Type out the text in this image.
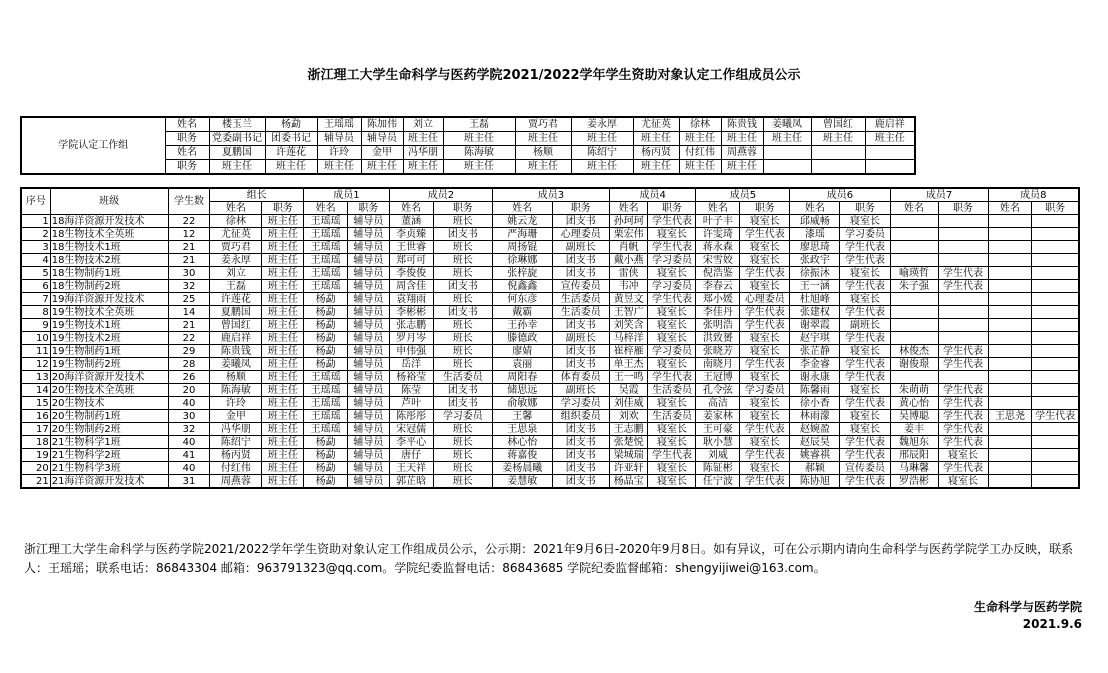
浙江理工大学生命科学与医药学院2021/2022学年学生资助对象认定工作组成员公示
学院认定工作组	姓名	楼玉兰	杨勐	王瑶瑶	陈加伟	刘立	王磊	贾巧君	姜永厚	尤征英	徐林	陈贵钱	姜曦凤	曾国红	鹿启祥
	职务	党委副书记	团委书记	辅导员	辅导员	班主任	班主任	班主任	班主任	班主任	班主任	班主任	班主任	班主任	班主任
	姓名	夏鹏国	许莲花	许玲	金甲	冯华朋	陈海敏	杨顺	陈绍宁	杨丙贤	付红伟	周燕蓉			
	职务	班主任	班主任	班主任	班主任	班主任	班主任	班主任	班主任	班主任	班主任	班主任			
序号	班级	学生数	组长		成员1		成员2		成员3		成员4		成员5		成员6		成员7		成员8	
			姓名	职务	姓名	职务	姓名	职务	姓名	职务	姓名	职务	姓名	职务	姓名	职务	姓名	职务	姓名	职务
1	18海洋资源开发技术	22	徐林	班主任	王瑶瑶	辅导员	董涵	班长	姚云龙	团支书	孙珂珂	学生代表	叶子丰	寝室长	邱威畅	寝室长				
2	18生物技术全英班	12	尤征英	班主任	王瑶瑶	辅导员	李贞臻	团支书	严海珊	心理委员	栗宏伟	寝室长	许雯琦	学生代表	漆瑶	学习委员				
3	18生物技术1班	21	贾巧君	班主任	王瑶瑶	辅导员	王世睿	班长	周扬锟	副班长	肖帆	学生代表	蒋永森	寝室长	廖思琦	学生代表				
4	18生物技术2班	21	姜永厚	班主任	王瑶瑶	辅导员	郑可可	班长	徐琳娜	团支书	戴小燕	学习委员	宋雪姣	寝室长	张政宇	学生代表				
5	18生物制药1班	30	刘立	班主任	王瑶瑶	辅导员	李俊俊	班长	张梓旋	团支书	雷侠	寝室长	倪浩鉴	学生代表	徐振沐	寝室长	喻瑛哲	学生代表		
6	18生物制药2班	32	王磊	班主任	王瑶瑶	辅导员	周含佳	团支书	倪鑫鑫	宣传委员	韦冲	学习委员	李春云	寝室长	王一涵	学生代表	朱子强	学生代表		
7	19海洋资源开发技术	25	许莲花	班主任	杨勐	辅导员	袁翔雨	班长	何东彦	生活委员	黄昱文	学生代表	郑小媛	心理委员	杜旭峰	寝室长				
8	19生物技术全英班	14	夏鹏国	班主任	杨勐	辅导员	李彬彬	团支书	戴霸	生活委员	王智广	寝室长	李佳丹	学生代表	张建权	学生代表				
9	19生物技术1班	21	曾国红	班主任	杨勐	辅导员	张志鹏	班长	王孙幸	团支书	刘笑含	寝室长	张明浩	学生代表	谢翠霞	副班长				
10	19生物技术2班	22	鹿启祥	班主任	杨勐	辅导员	罗月岑	班长	滕德政	副班长	马梓洋	寝室长	洪致赟	寝室长	赵宇琪	学生代表				
11	19生物制药1班	29	陈贵钱	班主任	杨勐	辅导员	申伟强	班长	廖婧	团支书	崔梓雁	学习委员	张晓芳	寝室长	张芷静	寝室长	林俊杰	学生代表		
12	19生物制药2班	28	姜曦凤	班主任	杨勐	辅导员	岳洋	班长	袁丽	团支书	单王杰	寝室长	南晓月	学生代表	李金睿	学生代表	谢俊璟	学生代表		
13	20海洋资源开发技术	26	杨顺	班主任	王瑶瑶	辅导员	杨裕莹	生活委员	周阳春	体育委员	王一鸣	学生代表	王冠博	寝室长	谢永康	学生代表				
14	20生物技术全英班	20	陈海敏	班主任	王瑶瑶	辅导员	陈莹	团支书	储思远	副班长	吴霞	生活委员	孔令弦	学习委员	陈馨雨	寝室长	朱萌萌	学生代表		
15	20生物技术	40	许玲	班主任	王瑶瑶	辅导员	芦叶	团支书	俞敏娜	学习委员	刘佳威	寝室长	高洁	寝室长	徐小香	学生代表	黄心怡	学生代表		
16	20生物制药1班	30	金甲	班主任	王瑶瑶	辅导员	陈彤彤	学习委员	王馨	组织委员	刘欢	生活委员	姜家林	寝室长	林雨濛	寝室长	吴博聪	学生代表	王思尧	学生代表
17	20生物制药2班	32	冯华朋	班主任	王瑶瑶	辅导员	宋冠儒	班长	王思泉	团支书	王志鹏	寝室长	王可豪	学生代表	赵婉盈	寝室长	姜丰	学生代表		
18	21生物科学1班	40	陈绍宁	班主任	杨勐	辅导员	李平心	班长	林心怡	团支书	张楚悦	寝室长	耿小慧	寝室长	赵辰昊	学生代表	魏旭东	学生代表		
19	21生物科学2班	41	杨丙贤	班主任	杨勐	辅导员	唐仔	班长	蒋嘉俊	团支书	梁城瑞	学生代表	刘威	学生代表	姚睿祺	学生代表	邢辰阳	寝室长		
20	21生物科学3班	40	付红伟	班主任	杨勐	辅导员	王天祥	班长	姜杨晨曦	团支书	许亚轩	寝室长	陈钲彬	寝室长	郝颖	宣传委员	马琳馨	学生代表		
21	21海洋资源开发技术	31	周燕蓉	班主任	杨勐	辅导员	郭芷晗	班长	姜慧敏	团支书	杨晶宝	寝室长	任宁波	学生代表	陈协旭	学生代表	罗浩彬	寝室长		
浙江理工大学生命科学与医药学院2021/2022学年学生资助对象认定工作组成员公示，公示期：2021年9月6日-2020年9月8日。如有异议，可在公示期内请向生命科学与医药学院学工办反映，联系人：王瑶瑶；联系电话：86843304 邮箱：963791323@qq.com。学院纪委监督电话：86843685 学院纪委监督邮箱：shengyijiwei@163.com。
生命科学与医药学院
2021.9.6
